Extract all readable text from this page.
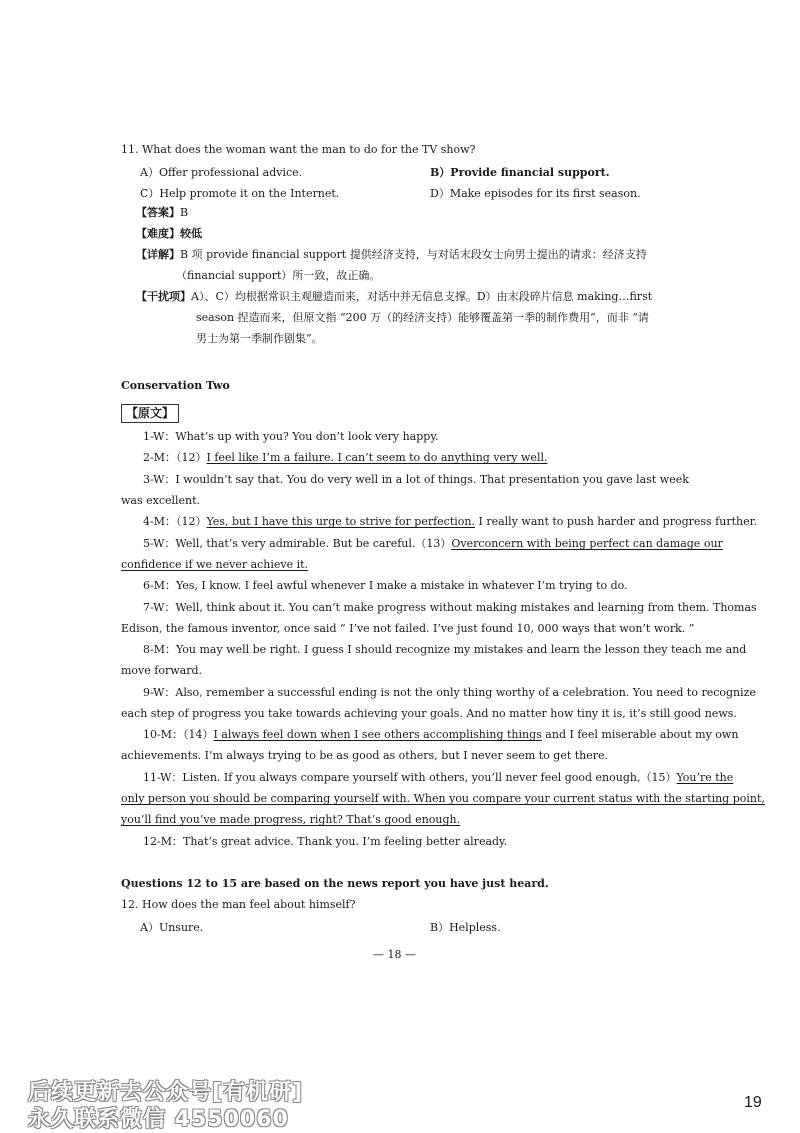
11. What does the woman want the man to do for the TV show?
A）Offer professional advice.	B）Provide financial support.
C）Help promote it on the Internet.	D）Make episodes for its first season.
【答案】B
【难度】较低
【详解】B 项 provide financial support 提供经济支持，与对话末段女士向男士提出的请求：经济支持
（financial support）所一致，故正确。
【干扰项】A）、C）均根据常识主观臆造而来，对话中并无信息支撑。D）由末段碎片信息 making…first
season 捏造而来，但原文指 “200 万（的经济支持）能够覆盖第一季的制作费用”，而非 “请
男士为第一季制作剧集”。
Conservation Two
【原文】
1-W：What’s up with you? You don’t look very happy.
2-M：（12）I feel like I’m a failure. I can’t seem to do anything very well.
3-W：I wouldn’t say that. You do very well in a lot of things. That presentation you gave last week
was excellent.
4-M：（12）Yes, but I have this urge to strive for perfection. I really want to push harder and progress further.
5-W：Well, that’s very admirable. But be careful.（13）Overconcern with being perfect can damage our
confidence if we never achieve it.
6-M：Yes, I know. I feel awful whenever I make a mistake in whatever I’m trying to do.
7-W：Well, think about it. You can’t make progress without making mistakes and learning from them. Thomas
Edison, the famous inventor, once said “ I’ve not failed. I’ve just found 10, 000 ways that won’t work. ”
8-M：You may well be right. I guess I should recognize my mistakes and learn the lesson they teach me and
move forward.
9-W：Also, remember a successful ending is not the only thing worthy of a celebration. You need to recognize
each step of progress you take towards achieving your goals. And no matter how tiny it is, it’s still good news.
10-M：（14）I always feel down when I see others accomplishing things and I feel miserable about my own
achievements. I’m always trying to be as good as others, but I never seem to get there.
11-W：Listen. If you always compare yourself with others, you’ll never feel good enough,（15）You’re the
only person you should be comparing yourself with. When you compare your current status with the starting point,
you’ll find you’ve made progress, right? That’s good enough.
12-M：That’s great advice. Thank you. I’m feeling better already.
Questions 12 to 15 are based on the news report you have just heard.
12. How does the man feel about himself?
A）Unsure.	B）Helpless.
— 18 —
后续更新去公众号[有机研]
永久联系微信 4550060
19
